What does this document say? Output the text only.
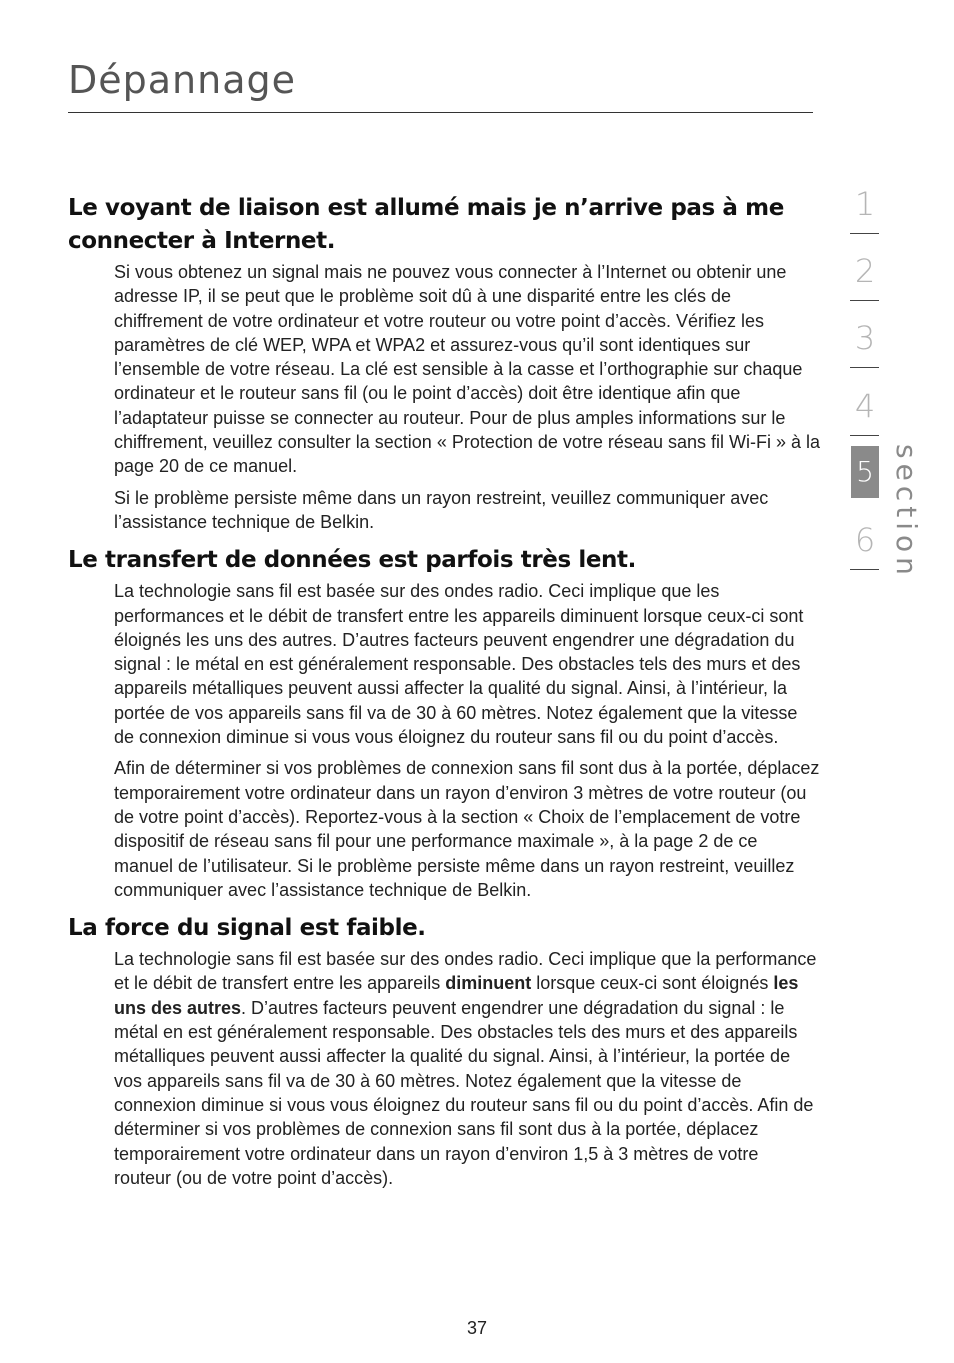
Dépannage
Le voyant de liaison est allumé mais je n’arrive pas à me connecter à Internet.

Si vous obtenez un signal mais ne pouvez vous connecter à l’Internet ou obtenir une adresse IP, il se peut que le problème soit dû à une disparité entre les clés de chiffrement de votre ordinateur et votre routeur ou votre point d’accès. Vérifiez les paramètres de clé WEP, WPA et WPA2 et assurez-vous qu’il sont identiques sur l’ensemble de votre réseau. La clé est sensible à la casse et l’orthographie sur chaque ordinateur et le routeur sans fil (ou le point d’accès) doit être identique afin que l’adaptateur puisse se connecter au routeur. Pour de plus amples informations sur le chiffrement, veuillez consulter la section « Protection de votre réseau sans fil Wi-Fi » à la page 20 de ce manuel.

Si le problème persiste même dans un rayon restreint, veuillez communiquer avec l’assistance technique de Belkin.

Le transfert de données est parfois très lent.

La technologie sans fil est basée sur des ondes radio. Ceci implique que les performances et le débit de transfert entre les appareils diminuent lorsque ceux-ci sont éloignés les uns des autres. D’autres facteurs peuvent engendrer une dégradation du signal : le métal en est généralement responsable. Des obstacles tels des murs et des appareils métalliques peuvent aussi affecter la qualité du signal. Ainsi, à l’intérieur, la portée de vos appareils sans fil va de 30 à 60 mètres. Notez également que la vitesse de connexion diminue si vous vous éloignez du routeur sans fil ou du point d’accès.

Afin de déterminer si vos problèmes de connexion sans fil sont dus à la portée, déplacez temporairement votre ordinateur dans un rayon d’environ 3 mètres de votre routeur (ou de votre point d’accès). Reportez-vous à la section « Choix de l’emplacement de votre dispositif de réseau sans fil pour une performance maximale », à la page 2 de ce manuel de l’utilisateur. Si le problème persiste même dans un rayon restreint, veuillez communiquer avec l’assistance technique de Belkin.

La force du signal est faible.

La technologie sans fil est basée sur des ondes radio. Ceci implique que la performance et le débit de transfert entre les appareils diminuent lorsque ceux-ci sont éloignés les uns des autres. D’autres facteurs peuvent engendrer une dégradation du signal : le métal en est généralement responsable. Des obstacles tels des murs et des appareils métalliques peuvent aussi affecter la qualité du signal. Ainsi, à l’intérieur, la portée de vos appareils sans fil va de 30 à 60 mètres. Notez également que la vitesse de connexion diminue si vous vous éloignez du routeur sans fil ou du point d’accès. Afin de déterminer si vos problèmes de connexion sans fil sont dus à la portée, déplacez temporairement votre ordinateur dans un rayon d’environ 1,5 à 3 mètres de votre routeur (ou de votre point d’accès).

37
1
2
3
4
5
6 section
